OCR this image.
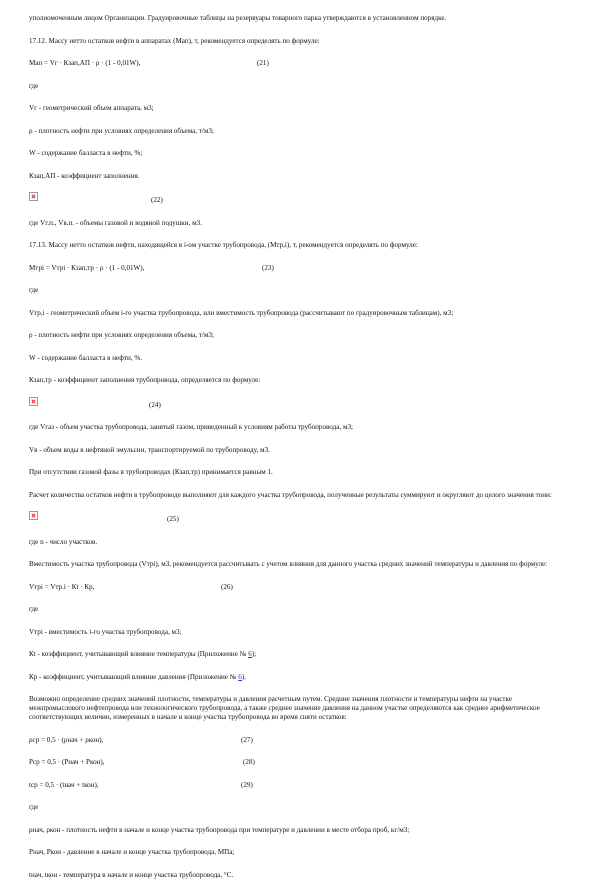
уполномоченным лицом Организации. Градуировочные таблицы на резервуары товарного парка утверждаются в установленном порядке.

17.12. Массу нетто остатков нефти в аппаратах (Мап), т, рекомендуется определять по формуле:

Мап = Vг · Кзап,АП · ρ · (1 - 0,01W),	(21)

где

Vг - геометрический объем аппарата, м3;

ρ - плотность нефти при условиях определения объема, т/м3;

W - содержание балласта в нефти, %;

Кзап,АП - коэффициент заполнения.

(22)

где Vг.п., Vв.п. - объемы газовой и водяной подушки, м3.

17.13. Массу нетто остатков нефти, находящейся в i-ом участке трубопровода, (Мтр,i), т, рекомендуется определять по формуле:

Мтрi = Vтрi · Кзап,тр · ρ · (1 - 0,01W),	(23)

где

Vтр,i - геометрический объем i-го участка трубопровода, или вместимость трубопровода (рассчитывают по градуировочным таблицам), м3;

ρ - плотность нефти при условиях определения объема, т/м3;

W - содержание балласта в нефти, %.

Кзап,тр - коэффициент заполнения трубопровода, определяется по формуле:

(24)

где Vгаз - объем участка трубопровода, занятый газом, приведенный к условиям работы трубопровода, м3;

Vв - объем воды в нефтяной эмульсии, транспортируемой по трубопроводу, м3.

При отсутствии газовой фазы в трубопроводах (Кзап,тр) принимается равным 1.

Расчет количества остатков нефти в трубопроводе выполняют для каждого участка трубопровода, полученные результаты суммируют и округляют до целого значения тонн:

(25)

где n - число участков.

Вместимость участка трубопровода (Vтрi), м3, рекомендуется рассчитывать с учетом влияния для данного участка средних значений температуры и давления по формуле:

Vтрi = Vтр.i · Кt · Кр,	(26)

где

Vтрi - вместимость i-го участка трубопровода, м3;

Кt - коэффициент, учитывающий влияние температуры (Приложение № 6);

Кр - коэффициент, учитывающий влияние давления (Приложение № 6).

Возможно определение средних значений плотности, температуры и давления расчетным путем. Средние значения плотности и температуры нефти на участке межпромыслового нефтепровода или технологического трубопровода, а также среднее значение давления на данном участке определяются как среднее арифметическое соответствующих величин, измеренных в начале и конце участка трубопровода во время сняти остатков:

ρср = 0,5 · (ρнач + ρкон),	(27)
Рср = 0,5 · (Рнач + Ркон),	(28)
tср = 0,5 · (tнач + tкон),	(29)

где

ρнач, ρкон - плотность нефти в начале и конце участка трубопровода при температуре и давлении в месте отбора проб, кг/м3;

Рнач, Ркон - давление в начале и конце участка трубопровода, МПа;

tнач, tкон - температура в начале и конце участка трубопровода, °С.
